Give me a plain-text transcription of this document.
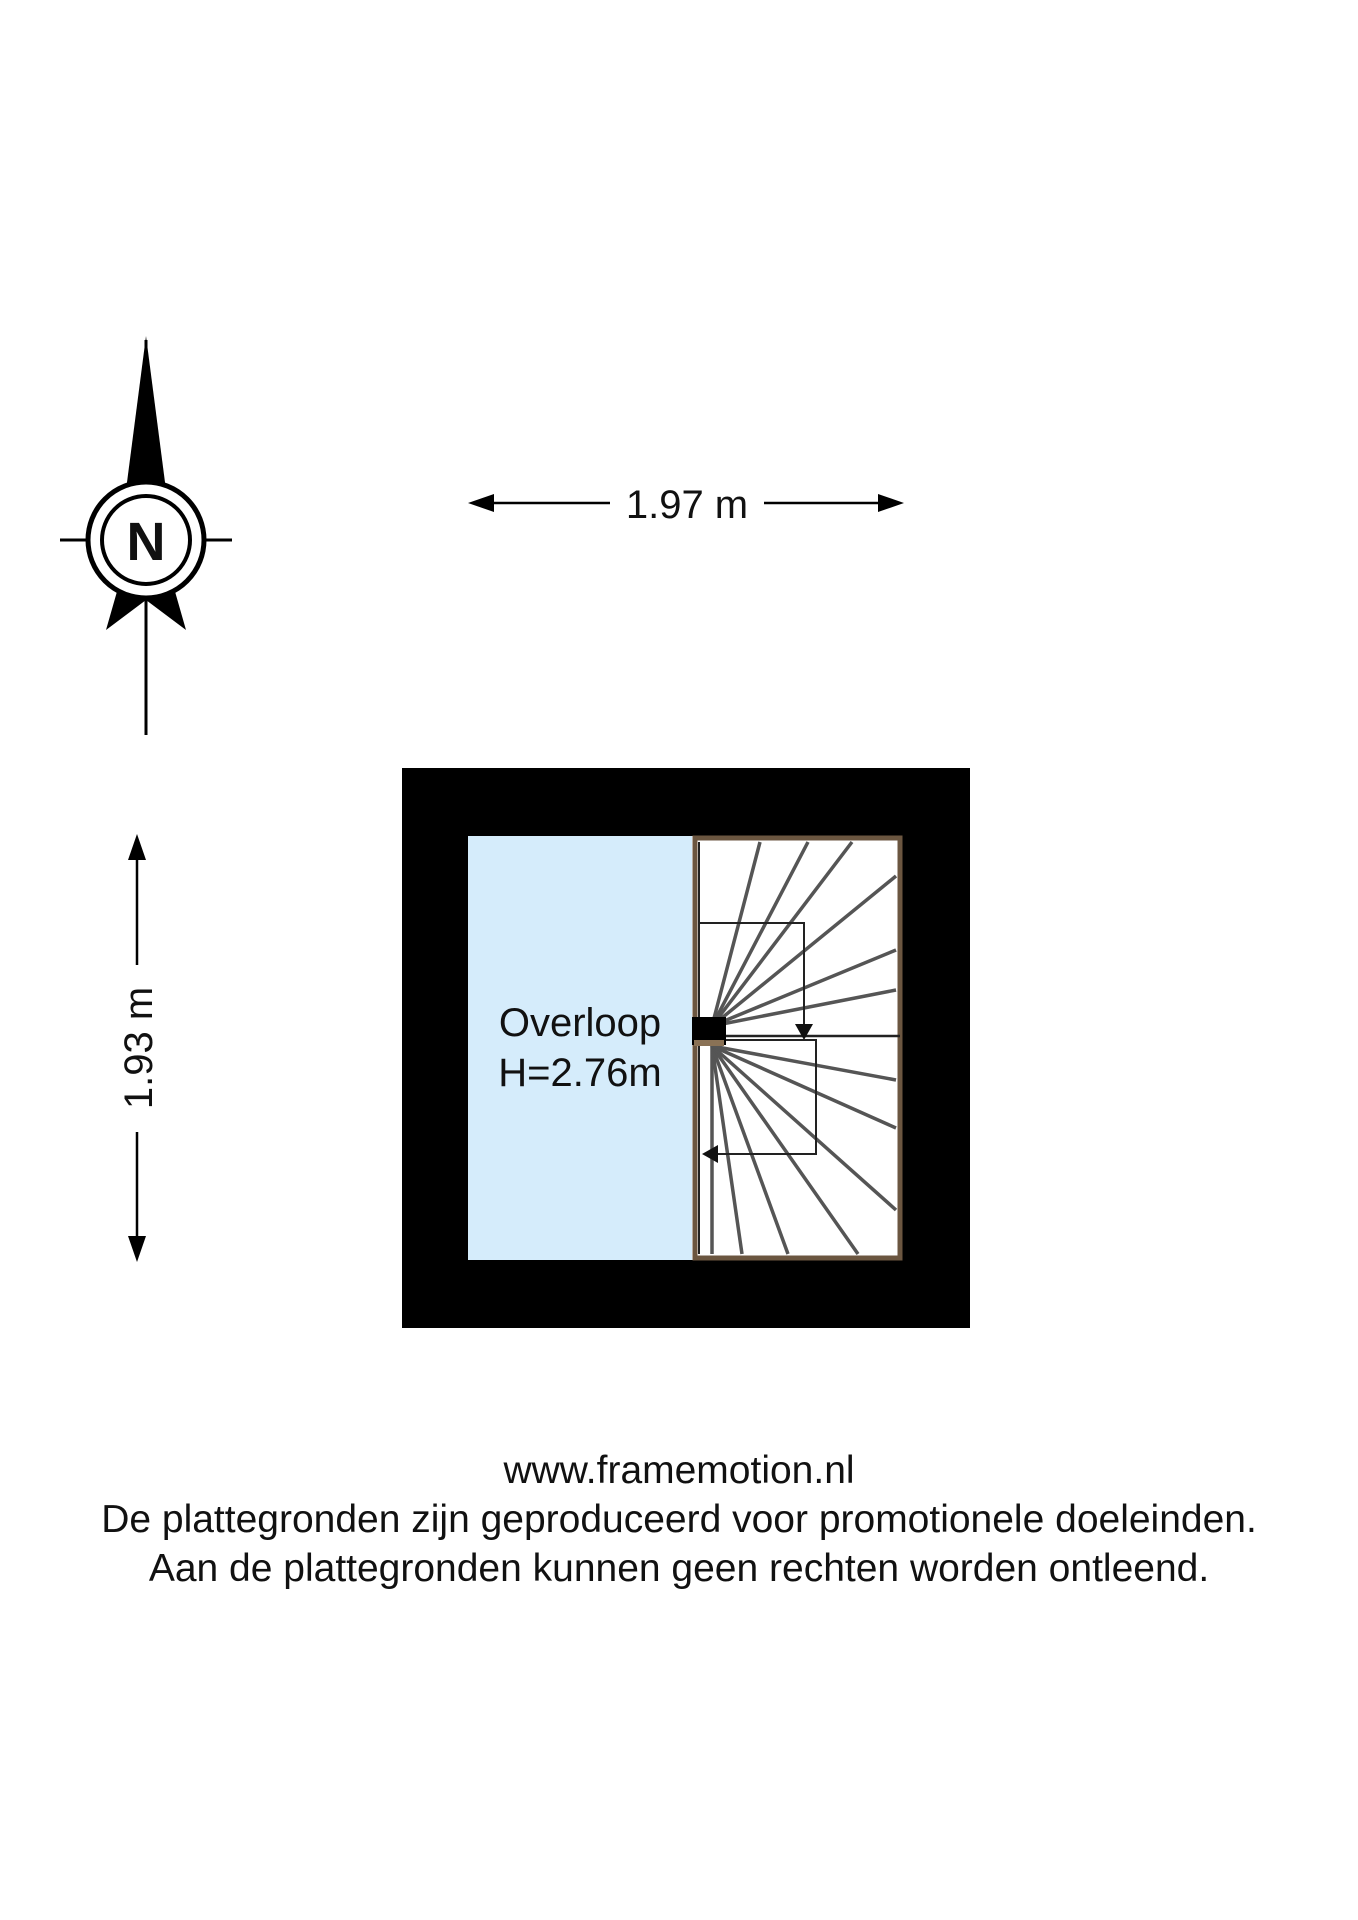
N
1.97 m
1.93 m	Overloop
H=2.76m
www.framemotion.nl
De plattegronden zijn geproduceerd voor promotionele doeleinden.
Aan de plattegronden kunnen geen rechten worden ontleend.
